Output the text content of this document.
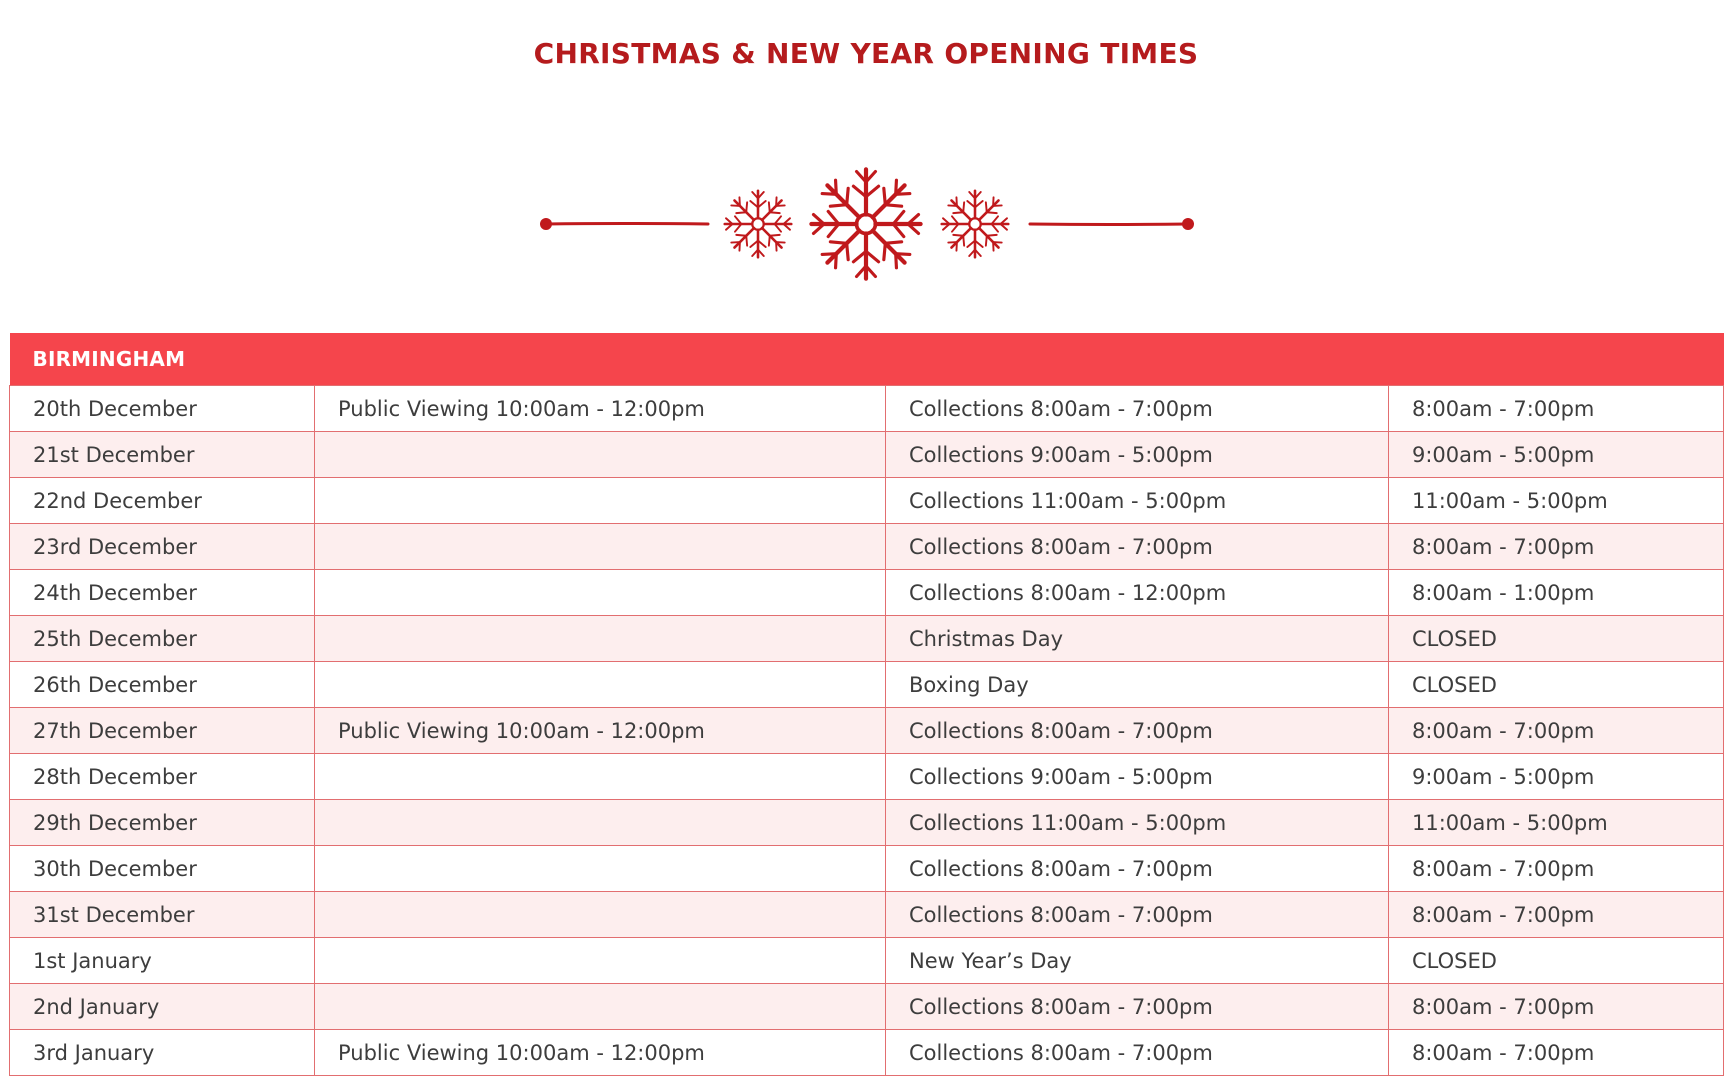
CHRISTMAS & NEW YEAR OPENING TIMES
BIRMINGHAM			
20th December	Public Viewing 10:00am - 12:00pm	Collections 8:00am - 7:00pm	8:00am - 7:00pm
21st December		Collections 9:00am - 5:00pm	9:00am - 5:00pm
22nd December		Collections 11:00am - 5:00pm	11:00am - 5:00pm
23rd December		Collections 8:00am - 7:00pm	8:00am - 7:00pm
24th December		Collections 8:00am - 12:00pm	8:00am - 1:00pm
25th December		Christmas Day	CLOSED
26th December		Boxing Day	CLOSED
27th December	Public Viewing 10:00am - 12:00pm	Collections 8:00am - 7:00pm	8:00am - 7:00pm
28th December		Collections 9:00am - 5:00pm	9:00am - 5:00pm
29th December		Collections 11:00am - 5:00pm	11:00am - 5:00pm
30th December		Collections 8:00am - 7:00pm	8:00am - 7:00pm
31st December		Collections 8:00am - 7:00pm	8:00am - 7:00pm
1st January		New Year’s Day	CLOSED
2nd January		Collections 8:00am - 7:00pm	8:00am - 7:00pm
3rd January	Public Viewing 10:00am - 12:00pm	Collections 8:00am - 7:00pm	8:00am - 7:00pm
